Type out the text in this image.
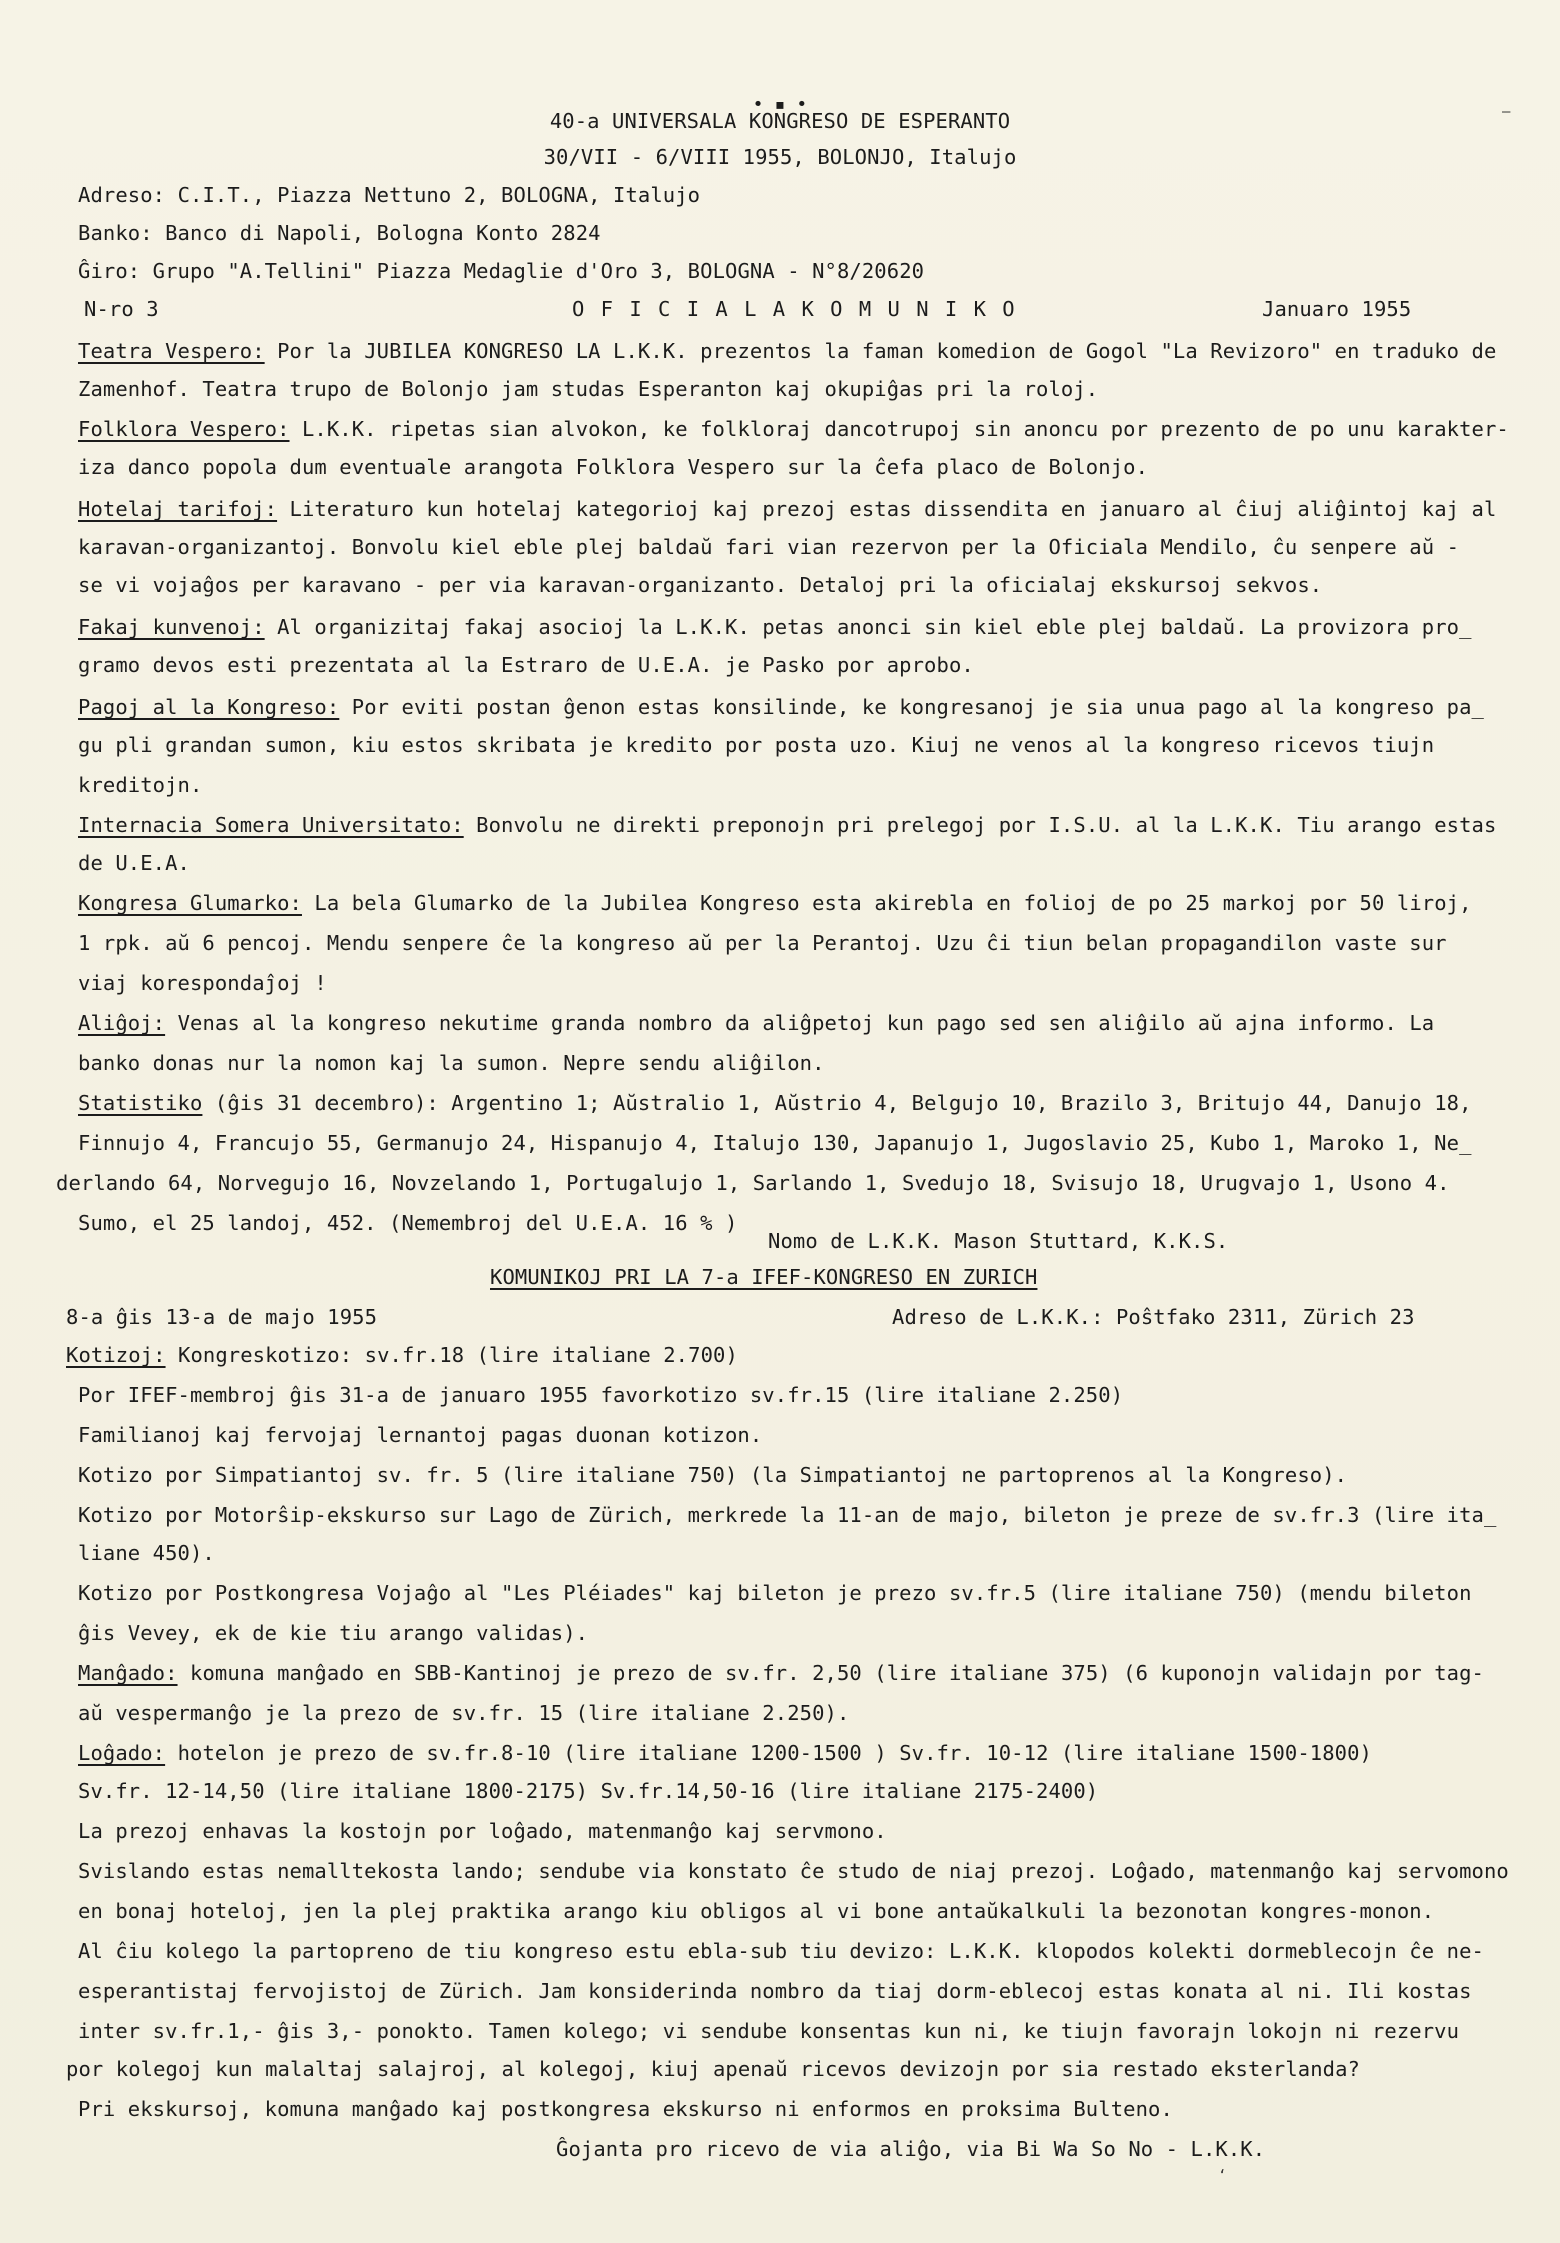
• ▪ •
40-a UNIVERSALA KONGRESO DE ESPERANTO
30/VII - 6/VIII 1955, BOLONJO, Italujo
Adreso: C.I.T., Piazza Nettuno 2, BOLOGNA, Italujo
Banko: Banco di Napoli, Bologna Konto 2824
Ĝiro: Grupo "A.Tellini" Piazza Medaglie d'Oro 3, BOLOGNA - N°8/20620
N-ro 3	O F I C I A L A K O M U N I K O	Januaro 1955
Teatra Vespero: Por la JUBILEA KONGRESO LA L.K.K. prezentos la faman komedion de Gogol "La Revizoro" en traduko de
Zamenhof. Teatra trupo de Bolonjo jam studas Esperanton kaj okupiĝas pri la roloj.
Folklora Vespero: L.K.K. ripetas sian alvokon, ke folkloraj dancotrupoj sin anoncu por prezento de po unu karakter-
iza danco popola dum eventuale arangota Folklora Vespero sur la ĉefa placo de Bolonjo.
Hotelaj tarifoj: Literaturo kun hotelaj kategorioj kaj prezoj estas dissendita en januaro al ĉiuj aliĝintoj kaj al
karavan-organizantoj. Bonvolu kiel eble plej baldaŭ fari vian rezervon per la Oficiala Mendilo, ĉu senpere aŭ -
se vi vojaĝos per karavano - per via karavan-organizanto. Detaloj pri la oficialaj ekskursoj sekvos.
Fakaj kunvenoj: Al organizitaj fakaj asocioj la L.K.K. petas anonci sin kiel eble plej baldaŭ. La provizora pro_
gramo devos esti prezentata al la Estraro de U.E.A. je Pasko por aprobo.
Pagoj al la Kongreso: Por eviti postan ĝenon estas konsilinde, ke kongresanoj je sia unua pago al la kongreso pa_
gu pli grandan sumon, kiu estos skribata je kredito por posta uzo. Kiuj ne venos al la kongreso ricevos tiujn
kreditojn.
Internacia Somera Universitato: Bonvolu ne direkti preponojn pri prelegoj por I.S.U. al la L.K.K. Tiu arango estas
de U.E.A.
Kongresa Glumarko: La bela Glumarko de la Jubilea Kongreso esta akirebla en folioj de po 25 markoj por 50 liroj,
1 rpk. aŭ 6 pencoj. Mendu senpere ĉe la kongreso aŭ per la Perantoj. Uzu ĉi tiun belan propagandilon vaste sur
viaj korespondaĵoj !
Aliĝoj: Venas al la kongreso nekutime granda nombro da aliĝpetoj kun pago sed sen aliĝilo aŭ ajna informo. La
banko donas nur la nomon kaj la sumon. Nepre sendu aliĝilon.
Statistiko (ĝis 31 decembro): Argentino 1; Aŭstralio 1, Aŭstrio 4, Belgujo 10, Brazilo 3, Britujo 44, Danujo 18,
Finnujo 4, Francujo 55, Germanujo 24, Hispanujo 4, Italujo 130, Japanujo 1, Jugoslavio 25, Kubo 1, Maroko 1, Ne_
derlando 64, Norvegujo 16, Novzelando 1, Portugalujo 1, Sarlando 1, Svedujo 18, Svisujo 18, Urugvajo 1, Usono 4.
Sumo, el 25 landoj, 452. (Nemembroj del U.E.A. 16 % )
Nomo de L.K.K. Mason Stuttard, K.K.S.
KOMUNIKOJ PRI LA 7-a IFEF-KONGRESO EN ZURICH
8-a ĝis 13-a de majo 1955	Adreso de L.K.K.: Poŝtfako 2311, Zürich 23
Kotizoj: Kongreskotizo: sv.fr.18 (lire italiane 2.700)
Por IFEF-membroj ĝis 31-a de januaro 1955 favorkotizo sv.fr.15 (lire italiane 2.250)
Familianoj kaj fervojaj lernantoj pagas duonan kotizon.
Kotizo por Simpatiantoj sv. fr. 5 (lire italiane 750) (la Simpatiantoj ne partoprenos al la Kongreso).
Kotizo por Motorŝip-ekskurso sur Lago de Zürich, merkrede la 11-an de majo, bileton je preze de sv.fr.3 (lire ita_
liane 450).
Kotizo por Postkongresa Vojaĝo al "Les Pléiades" kaj bileton je prezo sv.fr.5 (lire italiane 750) (mendu bileton
ĝis Vevey, ek de kie tiu arango validas).
Manĝado: komuna manĝado en SBB-Kantinoj je prezo de sv.fr. 2,50 (lire italiane 375) (6 kuponojn validajn por tag-
aŭ vespermanĝo je la prezo de sv.fr. 15 (lire italiane 2.250).
Loĝado: hotelon je prezo de sv.fr.8-10 (lire italiane 1200-1500 ) Sv.fr. 10-12 (lire italiane 1500-1800)
Sv.fr. 12-14,50 (lire italiane 1800-2175) Sv.fr.14,50-16 (lire italiane 2175-2400)
La prezoj enhavas la kostojn por loĝado, matenmanĝo kaj servmono.
Svislando estas nemalltekosta lando; sendube via konstato ĉe studo de niaj prezoj. Loĝado, matenmanĝo kaj servomono
en bonaj hoteloj, jen la plej praktika arango kiu obligos al vi bone antaŭkalkuli la bezonotan kongres-monon.
Al ĉiu kolego la partopreno de tiu kongreso estu ebla-sub tiu devizo: L.K.K. klopodos kolekti dormeblecojn ĉe ne-
esperantistaj fervojistoj de Zürich. Jam konsiderinda nombro da tiaj dorm-eblecoj estas konata al ni. Ili kostas
inter sv.fr.1,- ĝis 3,- ponokto. Tamen kolego; vi sendube konsentas kun ni, ke tiujn favorajn lokojn ni rezervu
por kolegoj kun malaltaj salajroj, al kolegoj, kiuj apenaŭ ricevos devizojn por sia restado eksterlanda?
Pri ekskursoj, komuna manĝado kaj postkongresa ekskurso ni enformos en proksima Bulteno.
Ĝojanta pro ricevo de via aliĝo, via Bi Wa So No - L.K.K.
–
‘
